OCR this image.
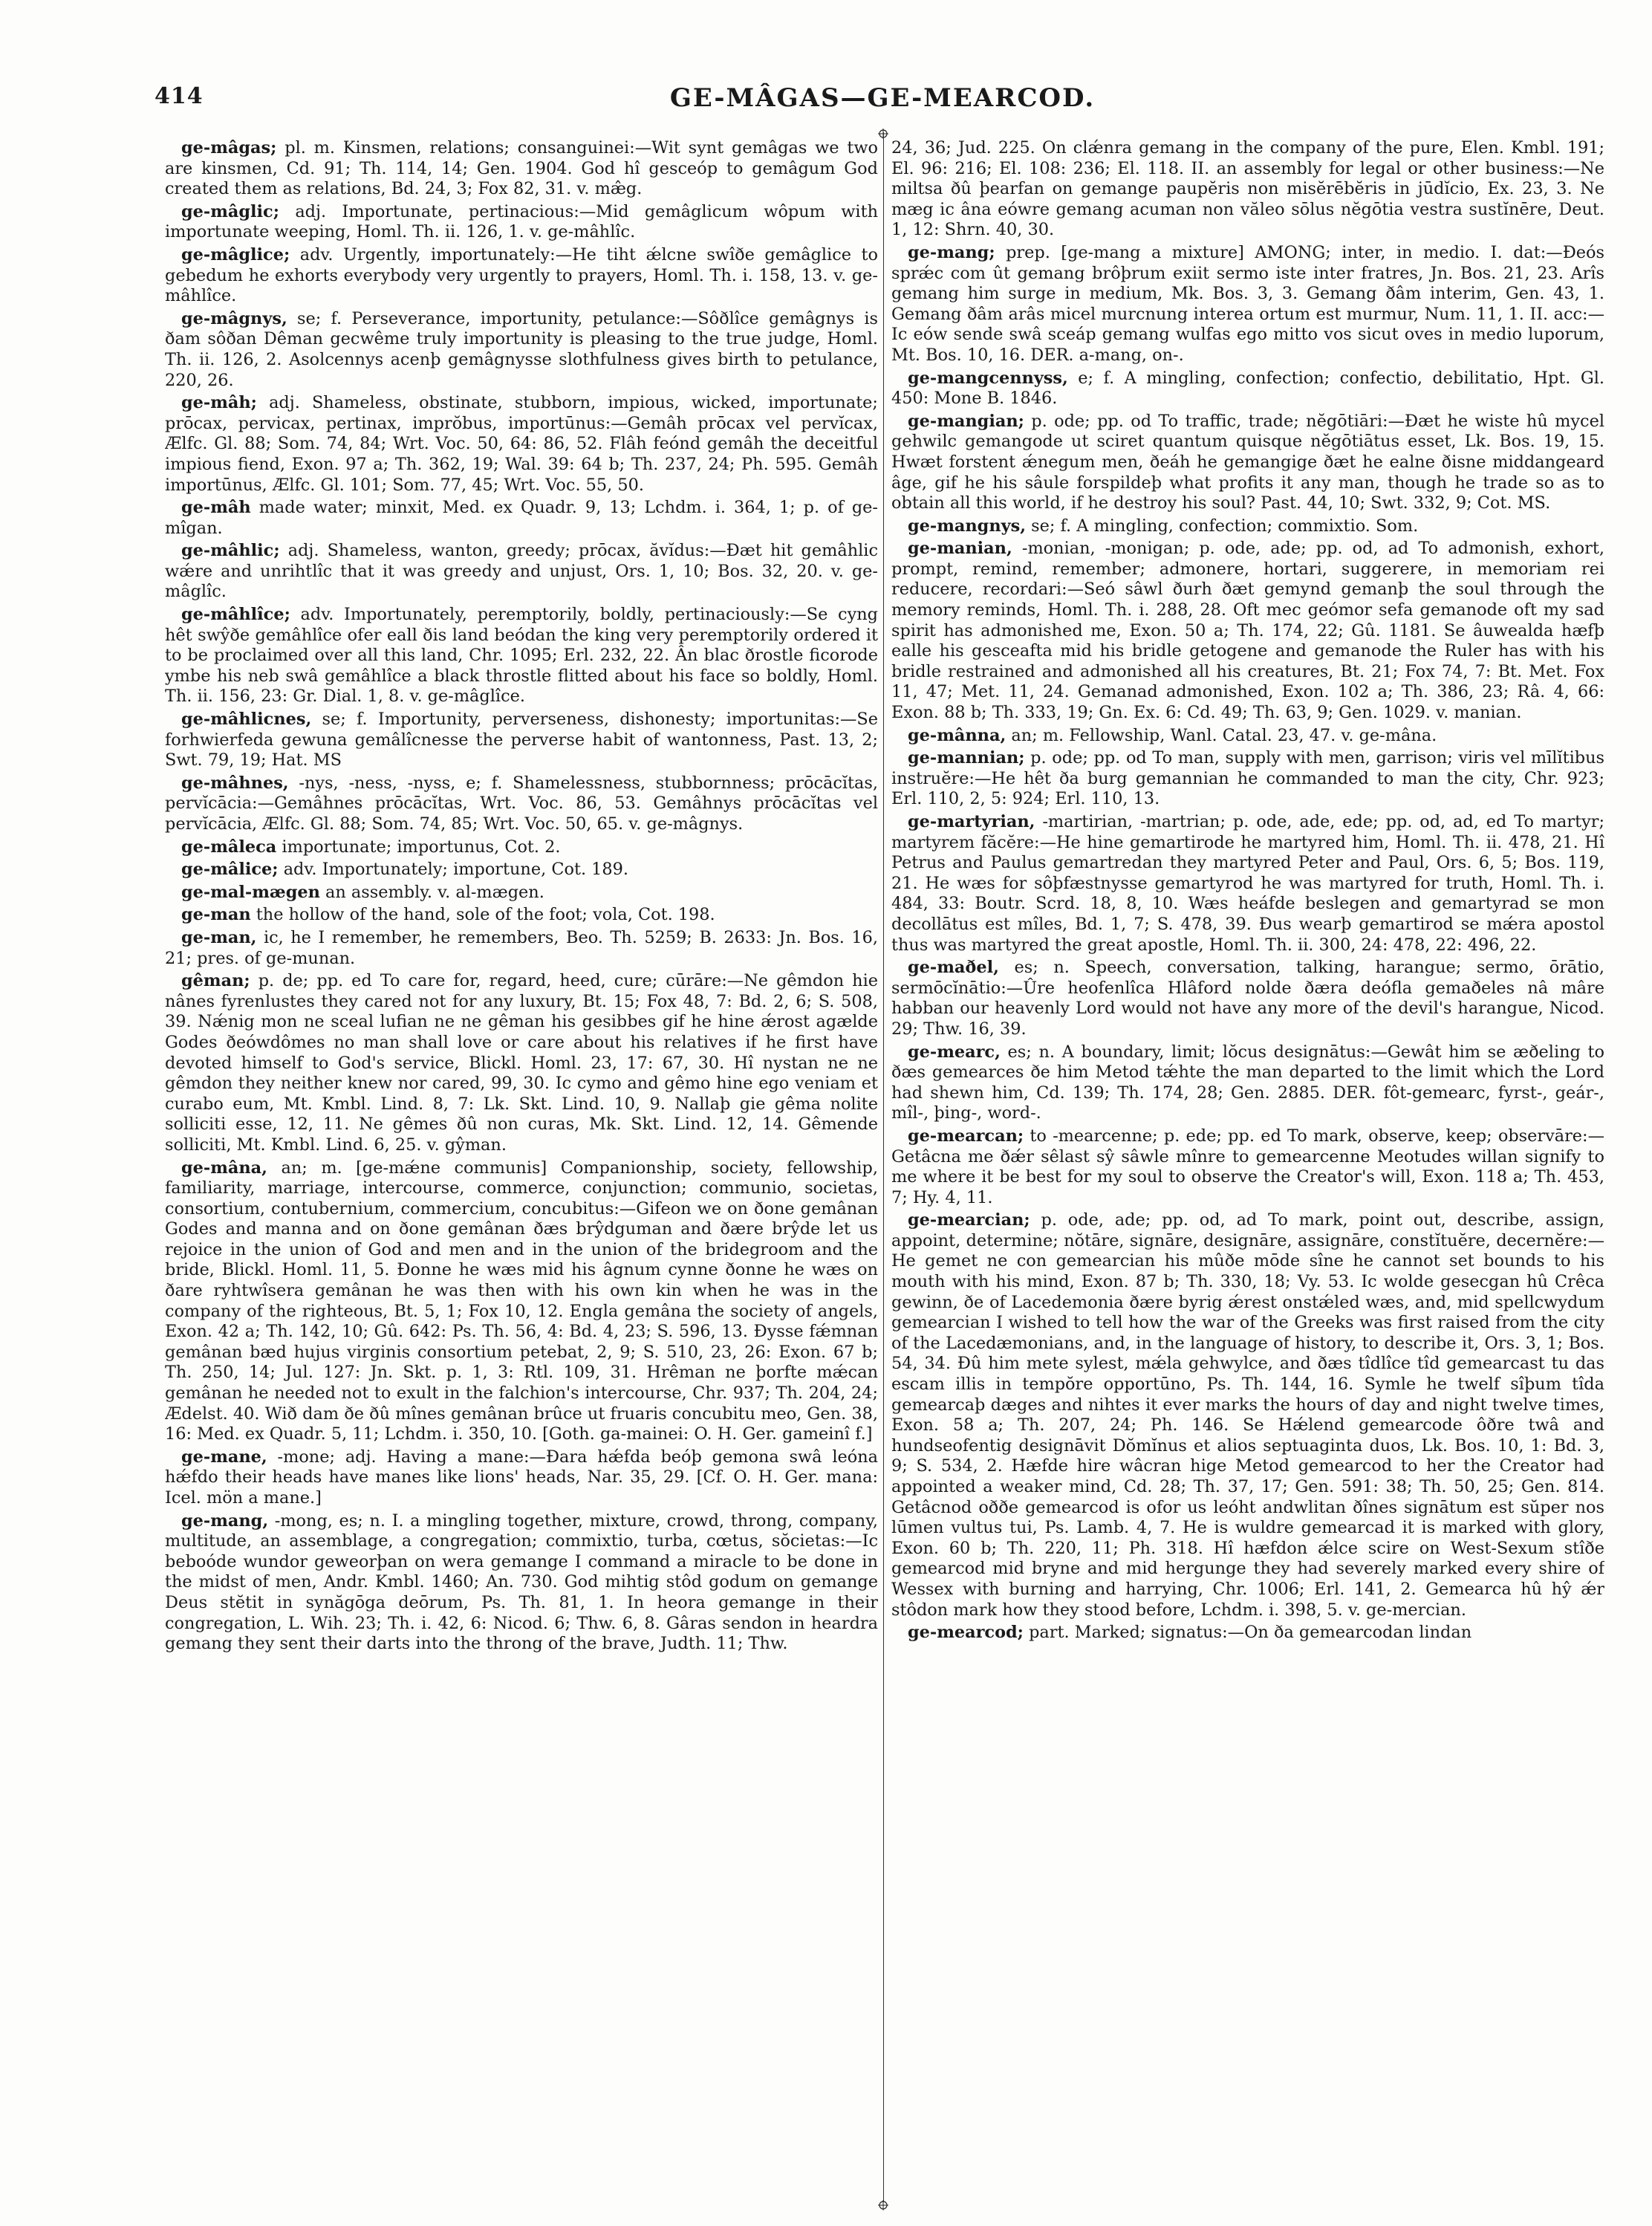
414	GE-MÂGAS—GE-MEARCOD.

ge-mâgas; pl. m. Kinsmen, relations; consanguinei:—Wit synt gemâgas we two are kinsmen, Cd. 91; Th. 114, 14; Gen. 1904. God hî gesceóp to gemâgum God created them as relations, Bd. 24, 3; Fox 82, 31. v. mæ̂g.

ge-mâglic; adj. Importunate, pertinacious:—Mid gemâglicum wôpum with importunate weeping, Homl. Th. ii. 126, 1. v. ge-mâhlîc.

ge-mâglice; adv. Urgently, importunately:—He tiht ǽlcne swîðe gemâglice to gebedum he exhorts everybody very urgently to prayers, Homl. Th. i. 158, 13. v. ge-mâhlîce.

ge-mâgnys, se; f. Perseverance, importunity, petulance:—Sôðlîce gemâgnys is ðam sôðan Dêman gecwême truly importunity is pleasing to the true judge, Homl. Th. ii. 126, 2. Asolcennys acenþ gemâgnysse slothfulness gives birth to petulance, 220, 26.

ge-mâh; adj. Shameless, obstinate, stubborn, impious, wicked, importunate; prōcax, pervicax, pertinax, imprŏbus, importūnus:—Gemâh prōcax vel pervĭcax, Ælfc. Gl. 88; Som. 74, 84; Wrt. Voc. 50, 64: 86, 52. Flâh feónd gemâh the deceitful impious fiend, Exon. 97 a; Th. 362, 19; Wal. 39: 64 b; Th. 237, 24; Ph. 595. Gemâh importūnus, Ælfc. Gl. 101; Som. 77, 45; Wrt. Voc. 55, 50.

ge-mâh made water; minxit, Med. ex Quadr. 9, 13; Lchdm. i. 364, 1; p. of ge-mîgan.

ge-mâhlic; adj. Shameless, wanton, greedy; prōcax, ăvĭdus:—Ðæt hit gemâhlic wǽre and unrihtlîc that it was greedy and unjust, Ors. 1, 10; Bos. 32, 20. v. ge-mâglîc.

ge-mâhlîce; adv. Importunately, peremptorily, boldly, pertinaciously:—Se cyng hêt swŷðe gemâhlîce ofer eall ðis land beódan the king very peremptorily ordered it to be proclaimed over all this land, Chr. 1095; Erl. 232, 22. Ân blac ðrostle ficorode ymbe his neb swâ gemâhlîce a black throstle flitted about his face so boldly, Homl. Th. ii. 156, 23: Gr. Dial. 1, 8. v. ge-mâglîce.

ge-mâhlicnes, se; f. Importunity, perverseness, dishonesty; importunitas:—Se forhwierfeda gewuna gemâlîcnesse the perverse habit of wantonness, Past. 13, 2; Swt. 79, 19; Hat. MS

ge-mâhnes, -nys, -ness, -nyss, e; f. Shamelessness, stubbornness; prōcācĭtas, pervĭcācia:—Gemâhnes prōcācĭtas, Wrt. Voc. 86, 53. Gemâhnys prōcācĭtas vel pervĭcācia, Ælfc. Gl. 88; Som. 74, 85; Wrt. Voc. 50, 65. v. ge-mâgnys.

ge-mâleca importunate; importunus, Cot. 2.

ge-mâlice; adv. Importunately; importune, Cot. 189.

ge-mal-mægen an assembly. v. al-mægen.

ge-man the hollow of the hand, sole of the foot; vola, Cot. 198.

ge-man, ic, he I remember, he remembers, Beo. Th. 5259; B. 2633: Jn. Bos. 16, 21; pres. of ge-munan.

gêman; p. de; pp. ed To care for, regard, heed, cure; cūrāre:—Ne gêmdon hie nânes fyrenlustes they cared not for any luxury, Bt. 15; Fox 48, 7: Bd. 2, 6; S. 508, 39. Nǽnig mon ne sceal lufian ne ne gêman his gesibbes gif he hine ǽrost agælde Godes ðeówdômes no man shall love or care about his relatives if he first have devoted himself to God's service, Blickl. Homl. 23, 17: 67, 30. Hî nystan ne ne gêmdon they neither knew nor cared, 99, 30. Ic cymo and gêmo hine ego veniam et curabo eum, Mt. Kmbl. Lind. 8, 7: Lk. Skt. Lind. 10, 9. Nallaþ gie gêma nolite solliciti esse, 12, 11. Ne gêmes ðû non curas, Mk. Skt. Lind. 12, 14. Gêmende solliciti, Mt. Kmbl. Lind. 6, 25. v. gŷman.

ge-mâna, an; m. [ge-mǽne communis] Companionship, society, fellowship, familiarity, marriage, intercourse, commerce, conjunction; communio, societas, consortium, contubernium, commercium, concubitus:—Gifeon we on ðone gemânan Godes and manna and on ðone gemânan ðæs brŷdguman and ðære brŷde let us rejoice in the union of God and men and in the union of the bridegroom and the bride, Blickl. Homl. 11, 5. Ðonne he wæs mid his âgnum cynne ðonne he wæs on ðare ryhtwîsera gemânan he was then with his own kin when he was in the company of the righteous, Bt. 5, 1; Fox 10, 12. Engla gemâna the society of angels, Exon. 42 a; Th. 142, 10; Gû. 642: Ps. Th. 56, 4: Bd. 4, 23; S. 596, 13. Ðysse fǽmnan gemânan bæd hujus virginis consortium petebat, 2, 9; S. 510, 23, 26: Exon. 67 b; Th. 250, 14; Jul. 127: Jn. Skt. p. 1, 3: Rtl. 109, 31. Hrêman ne þorfte mǽcan gemânan he needed not to exult in the falchion's intercourse, Chr. 937; Th. 204, 24; Ædelst. 40. Wið dam ðe ðû mînes gemânan brûce ut fruaris concubitu meo, Gen. 38, 16: Med. ex Quadr. 5, 11; Lchdm. i. 350, 10. [Goth. ga-mainei: O. H. Ger. gameinî f.]

ge-mane, -mone; adj. Having a mane:—Ðara hǽfda beóþ gemona swâ leóna hǽfdo their heads have manes like lions' heads, Nar. 35, 29. [Cf. O. H. Ger. mana: Icel. mön a mane.]

ge-mang, -mong, es; n. I. a mingling together, mixture, crowd, throng, company, multitude, an assemblage, a congregation; commixtio, turba, cœtus, sŏcietas:—Ic beboóde wundor geweorþan on wera gemange I command a miracle to be done in the midst of men, Andr. Kmbl. 1460; An. 730. God mihtig stôd godum on gemange Deus stĕtit in synăgōga deōrum, Ps. Th. 81, 1. In heora gemange in their congregation, L. Wih. 23; Th. i. 42, 6: Nicod. 6; Thw. 6, 8. Gâras sendon in heardra gemang they sent their darts into the throng of the brave, Judth. 11; Thw.

24, 36; Jud. 225. On clǽnra gemang in the company of the pure, Elen. Kmbl. 191; El. 96: 216; El. 108: 236; El. 118. II. an assembly for legal or other business:—Ne miltsa ðû þearfan on gemange paupĕris non misĕrēbĕris in jūdĭcio, Ex. 23, 3. Ne mæg ic âna eówre gemang acuman non văleo sōlus nĕgōtia vestra sustĭnēre, Deut. 1, 12: Shrn. 40, 30.

ge-mang; prep. [ge-mang a mixture] AMONG; inter, in medio. I. dat:—Ðeós sprǽc com ût gemang brôþrum exiit sermo iste inter fratres, Jn. Bos. 21, 23. Arîs gemang him surge in medium, Mk. Bos. 3, 3. Gemang ðâm interim, Gen. 43, 1. Gemang ðâm arâs micel murcnung interea ortum est murmur, Num. 11, 1. II. acc:—Ic eów sende swâ sceáp gemang wulfas ego mitto vos sicut oves in medio luporum, Mt. Bos. 10, 16. DER. a-mang, on-.

ge-mangcennyss, e; f. A mingling, confection; confectio, debilitatio, Hpt. Gl. 450: Mone B. 1846.

ge-mangian; p. ode; pp. od To traffic, trade; nĕgōtiāri:—Ðæt he wiste hû mycel gehwilc gemangode ut sciret quantum quisque nĕgōtiātus esset, Lk. Bos. 19, 15. Hwæt forstent ǽnegum men, ðeáh he gemangige ðæt he ealne ðisne middangeard âge, gif he his sâule forspildeþ what profits it any man, though he trade so as to obtain all this world, if he destroy his soul? Past. 44, 10; Swt. 332, 9; Cot. MS.

ge-mangnys, se; f. A mingling, confection; commixtio. Som.

ge-manian, -monian, -monigan; p. ode, ade; pp. od, ad To admonish, exhort, prompt, remind, remember; admonere, hortari, suggerere, in memoriam rei reducere, recordari:—Seó sâwl ðurh ðæt gemynd gemanþ the soul through the memory reminds, Homl. Th. i. 288, 28. Oft mec geómor sefa gemanode oft my sad spirit has admonished me, Exon. 50 a; Th. 174, 22; Gû. 1181. Se âuwealda hæfþ ealle his gesceafta mid his bridle getogene and gemanode the Ruler has with his bridle restrained and admonished all his creatures, Bt. 21; Fox 74, 7: Bt. Met. Fox 11, 47; Met. 11, 24. Gemanad admonished, Exon. 102 a; Th. 386, 23; Râ. 4, 66: Exon. 88 b; Th. 333, 19; Gn. Ex. 6: Cd. 49; Th. 63, 9; Gen. 1029. v. manian.

ge-mânna, an; m. Fellowship, Wanl. Catal. 23, 47. v. ge-mâna.

ge-mannian; p. ode; pp. od To man, supply with men, garrison; viris vel mīlĭtibus instruĕre:—He hêt ða burg gemannian he commanded to man the city, Chr. 923; Erl. 110, 2, 5: 924; Erl. 110, 13.

ge-martyrian, -martirian, -martrian; p. ode, ade, ede; pp. od, ad, ed To martyr; martyrem făcĕre:—He hine gemartirode he martyred him, Homl. Th. ii. 478, 21. Hî Petrus and Paulus gemartredan they martyred Peter and Paul, Ors. 6, 5; Bos. 119, 21. He wæs for sôþfæstnysse gemartyrod he was martyred for truth, Homl. Th. i. 484, 33: Boutr. Scrd. 18, 8, 10. Wæs heáfde beslegen and gemartyrad se mon decollātus est mîles, Bd. 1, 7; S. 478, 39. Ðus wearþ gemartirod se mǽra apostol thus was martyred the great apostle, Homl. Th. ii. 300, 24: 478, 22: 496, 22.

ge-maðel, es; n. Speech, conversation, talking, harangue; sermo, ōrātio, sermōcĭnātio:—Ûre heofenlîca Hlâford nolde ðæra deófla gemaðeles nâ mâre habban our heavenly Lord would not have any more of the devil's harangue, Nicod. 29; Thw. 16, 39.

ge-mearc, es; n. A boundary, limit; lŏcus designātus:—Gewât him se æðeling to ðæs gemearces ðe him Metod tǽhte the man departed to the limit which the Lord had shewn him, Cd. 139; Th. 174, 28; Gen. 2885. DER. fôt-gemearc, fyrst-, geár-, mîl-, þing-, word-.

ge-mearcan; to -mearcenne; p. ede; pp. ed To mark, observe, keep; observāre:—Getâcna me ðǽr sêlast sŷ sâwle mînre to gemearcenne Meotudes willan signify to me where it be best for my soul to observe the Creator's will, Exon. 118 a; Th. 453, 7; Hy. 4, 11.

ge-mearcian; p. ode, ade; pp. od, ad To mark, point out, describe, assign, appoint, determine; nŏtāre, signāre, designāre, assignāre, constĭtuĕre, decernĕre:—He gemet ne con gemearcian his mûðe mōde sîne he cannot set bounds to his mouth with his mind, Exon. 87 b; Th. 330, 18; Vy. 53. Ic wolde gesecgan hû Crêca gewinn, ðe of Lacedemonia ðære byrig ǽrest onstǽled wæs, and, mid spellcwydum gemearcian I wished to tell how the war of the Greeks was first raised from the city of the Lacedæmonians, and, in the language of history, to describe it, Ors. 3, 1; Bos. 54, 34. Ðû him mete sylest, mǽla gehwylce, and ðæs tîdlîce tîd gemearcast tu das escam illis in tempŏre opportūno, Ps. Th. 144, 16. Symle he twelf sîþum tîda gemearcaþ dæges and nihtes it ever marks the hours of day and night twelve times, Exon. 58 a; Th. 207, 24; Ph. 146. Se Hǽlend gemearcode ôðre twâ and hundseofentig designāvit Dŏmĭnus et alios septuaginta duos, Lk. Bos. 10, 1: Bd. 3, 9; S. 534, 2. Hæfde hire wâcran hige Metod gemearcod to her the Creator had appointed a weaker mind, Cd. 28; Th. 37, 17; Gen. 591: 38; Th. 50, 25; Gen. 814. Getâcnod oððe gemearcod is ofor us leóht andwlitan ðînes signātum est sŭper nos lūmen vultus tui, Ps. Lamb. 4, 7. He is wuldre gemearcad it is marked with glory, Exon. 60 b; Th. 220, 11; Ph. 318. Hî hæfdon ǽlce scire on West-Sexum stîðe gemearcod mid bryne and mid hergunge they had severely marked every shire of Wessex with burning and harrying, Chr. 1006; Erl. 141, 2. Gemearca hû hŷ ǽr stôdon mark how they stood before, Lchdm. i. 398, 5. v. ge-mercian.

ge-mearcod; part. Marked; signatus:—On ða gemearcodan lindan
